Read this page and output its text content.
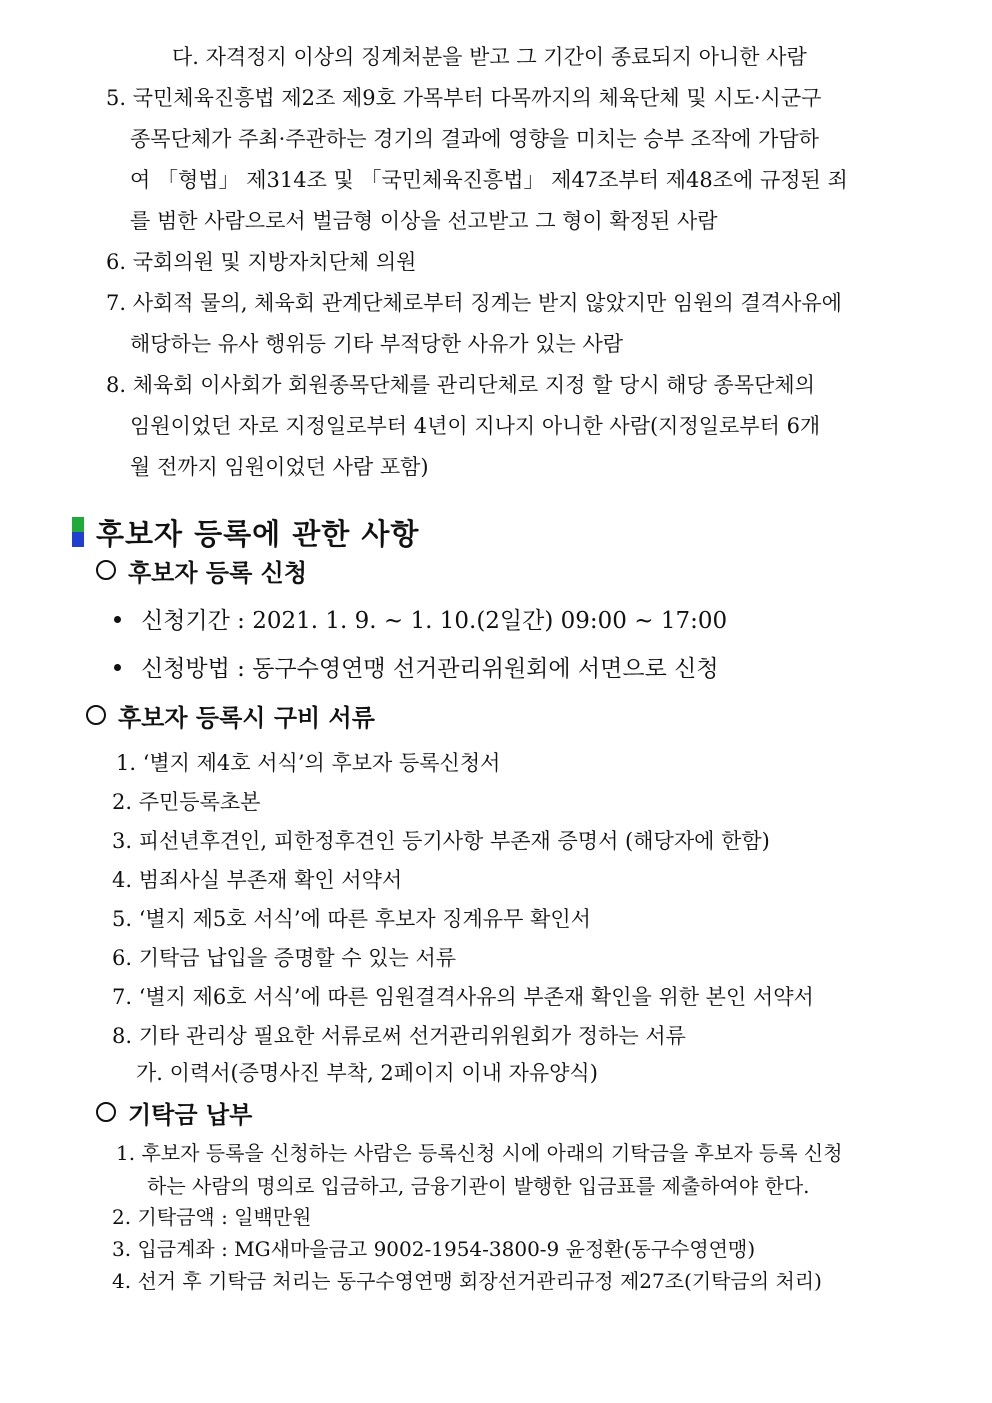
다. 자격정지 이상의 징계처분을 받고 그 기간이 종료되지 아니한 사람
5. 국민체육진흥법 제2조 제9호 가목부터 다목까지의 체육단체 및 시도·시군구
종목단체가 주최·주관하는 경기의 결과에 영향을 미치는 승부 조작에 가담하
여 「형법」 제314조 및 「국민체육진흥법」 제47조부터 제48조에 규정된 죄
를 범한 사람으로서 벌금형 이상을 선고받고 그 형이 확정된 사람
6. 국회의원 및 지방자치단체 의원
7. 사회적 물의, 체육회 관계단체로부터 징계는 받지 않았지만 임원의 결격사유에
해당하는 유사 행위등 기타 부적당한 사유가 있는 사람
8. 체육회 이사회가 회원종목단체를 관리단체로 지정 할 당시 해당 종목단체의
임원이었던 자로 지정일로부터 4년이 지나지 아니한 사람(지정일로부터 6개
월 전까지 임원이었던 사람 포함)
후보자 등록에 관한 사항
후보자 등록 신청
신청기간 : 2021. 1. 9. ~ 1. 10.(2일간) 09:00 ~ 17:00
신청방법 : 동구수영연맹 선거관리위원회에 서면으로 신청
후보자 등록시 구비 서류
1. ‘별지 제4호 서식’의 후보자 등록신청서
2. 주민등록초본
3. 피선년후견인, 피한정후견인 등기사항 부존재 증명서 (해당자에 한함)
4. 범죄사실 부존재 확인 서약서
5. ‘별지 제5호 서식’에 따른 후보자 징계유무 확인서
6. 기탁금 납입을 증명할 수 있는 서류
7. ‘별지 제6호 서식’에 따른 임원결격사유의 부존재 확인을 위한 본인 서약서
8. 기타 관리상 필요한 서류로써 선거관리위원회가 정하는 서류
가. 이력서(증명사진 부착, 2페이지 이내 자유양식)
기탁금 납부
1. 후보자 등록을 신청하는 사람은 등록신청 시에 아래의 기탁금을 후보자 등록 신청
하는 사람의 명의로 입금하고, 금융기관이 발행한 입금표를 제출하여야 한다.
2. 기탁금액 : 일백만원
3. 입금계좌 : MG새마을금고 9002-1954-3800-9 윤정환(동구수영연맹)
4. 선거 후 기탁금 처리는 동구수영연맹 회장선거관리규정 제27조(기탁금의 처리)
